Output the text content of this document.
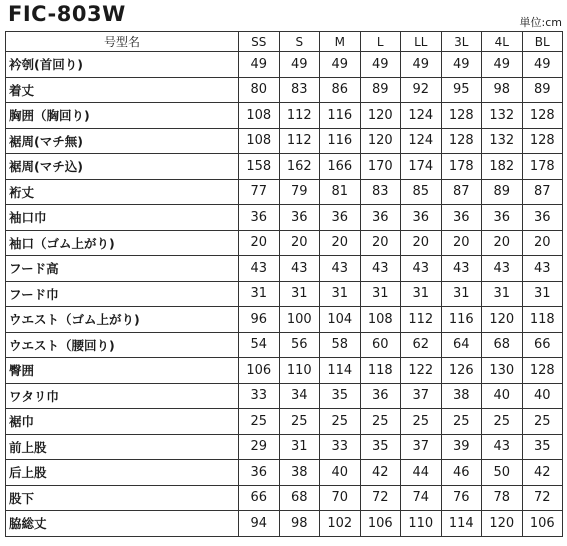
FIC-803W	単位:cm
号型名	SS	S	M	L	LL	3L	4L	BL
衿刳(首回り)	49	49	49	49	49	49	49	49
着丈	80	83	86	89	92	95	98	89
胸囲（胸回り)	108	112	116	120	124	128	132	128
裾周(マチ無)	108	112	116	120	124	128	132	128
裾周(マチ込)	158	162	166	170	174	178	182	178
裄丈	77	79	81	83	85	87	89	87
袖口巾	36	36	36	36	36	36	36	36
袖口（ゴム上がり)	20	20	20	20	20	20	20	20
フード高	43	43	43	43	43	43	43	43
フード巾	31	31	31	31	31	31	31	31
ウエスト（ゴム上がり)	96	100	104	108	112	116	120	118
ウエスト（腰回り)	54	56	58	60	62	64	68	66
臀囲	106	110	114	118	122	126	130	128
ワタリ巾	33	34	35	36	37	38	40	40
裾巾	25	25	25	25	25	25	25	25
前上股	29	31	33	35	37	39	43	35
后上股	36	38	40	42	44	46	50	42
股下	66	68	70	72	74	76	78	72
脇総丈	94	98	102	106	110	114	120	106
